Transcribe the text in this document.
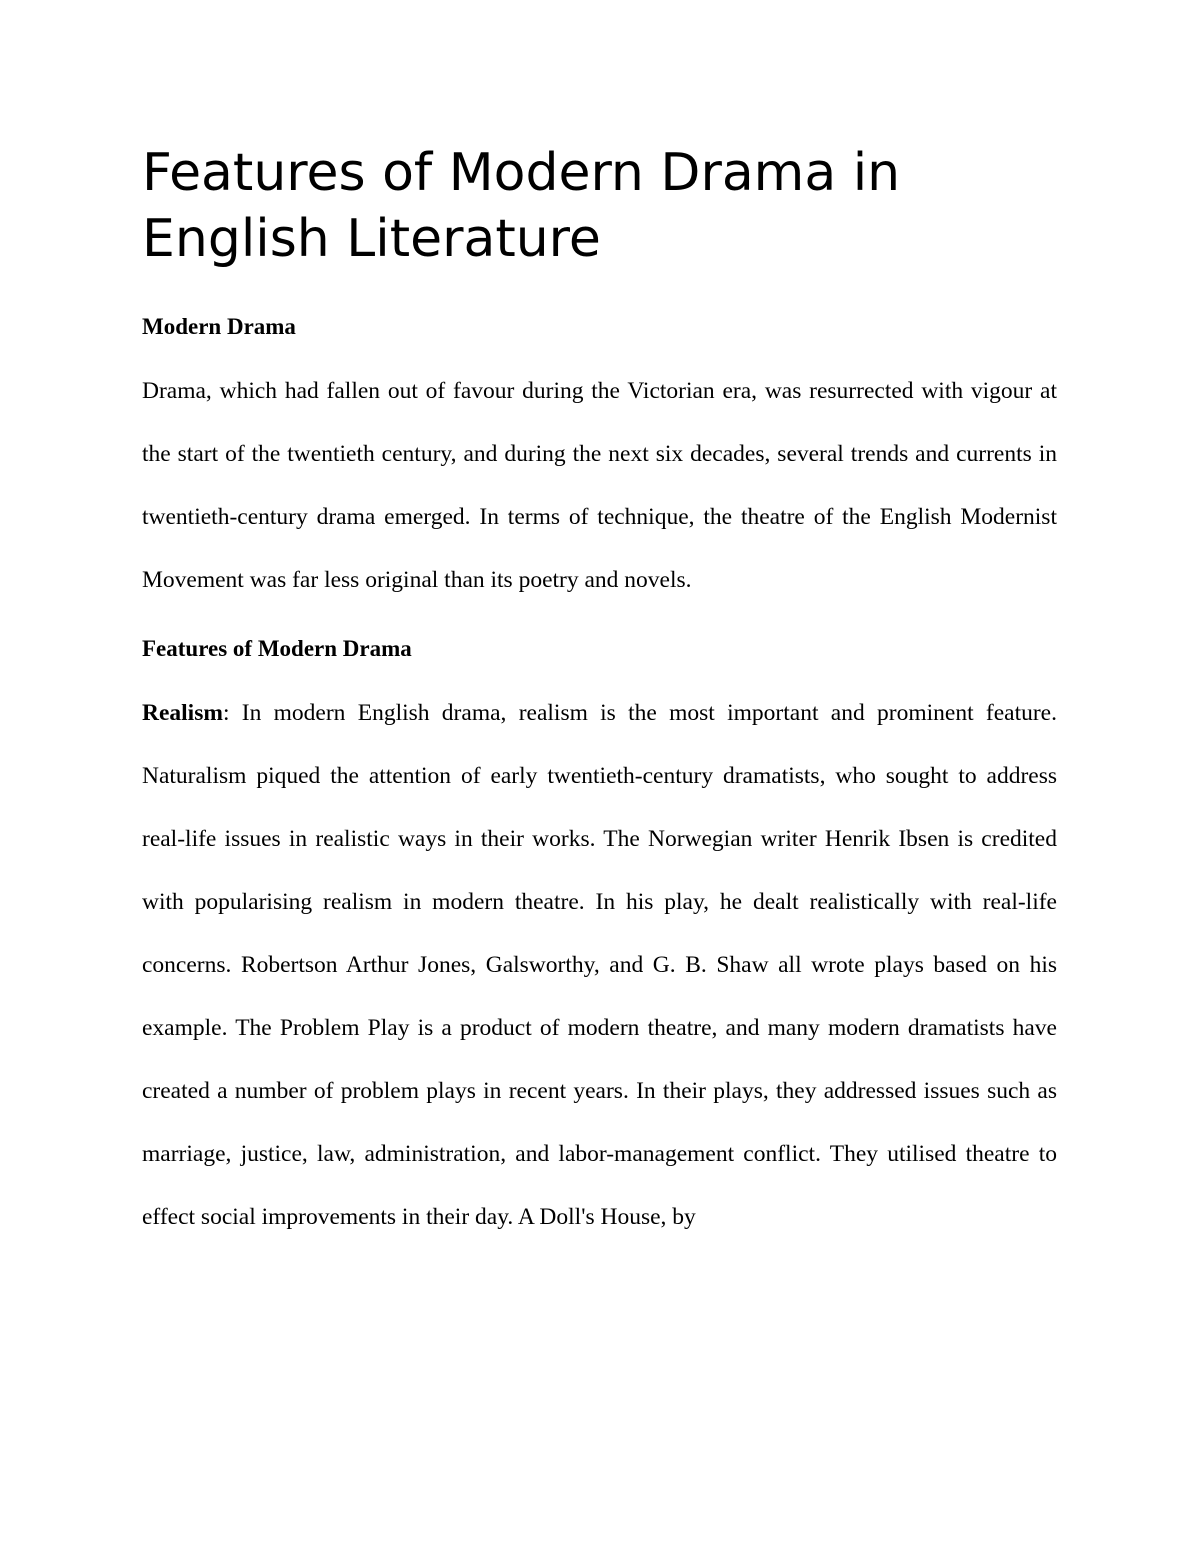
Features of Modern Drama in English Literature
Modern Drama

Drama, which had fallen out of favour during the Victorian era, was resurrected with vigour at the start of the twentieth century, and during the next six decades, several trends and currents in twentieth-century drama emerged. In terms of technique, the theatre of the English Modernist Movement was far less original than its poetry and novels.

Features of Modern Drama

Realism: In modern English drama, realism is the most important and prominent feature. Naturalism piqued the attention of early twentieth-century dramatists, who sought to address real-life issues in realistic ways in their works. The Norwegian writer Henrik Ibsen is credited with popularising realism in modern theatre. In his play, he dealt realistically with real-life concerns. Robertson Arthur Jones, Galsworthy, and G. B. Shaw all wrote plays based on his example. The Problem Play is a product of modern theatre, and many modern dramatists have created a number of problem plays in recent years. In their plays, they addressed issues such as marriage, justice, law, administration, and labor-management conflict. They utilised theatre to effect social improvements in their day. A Doll's House, by
